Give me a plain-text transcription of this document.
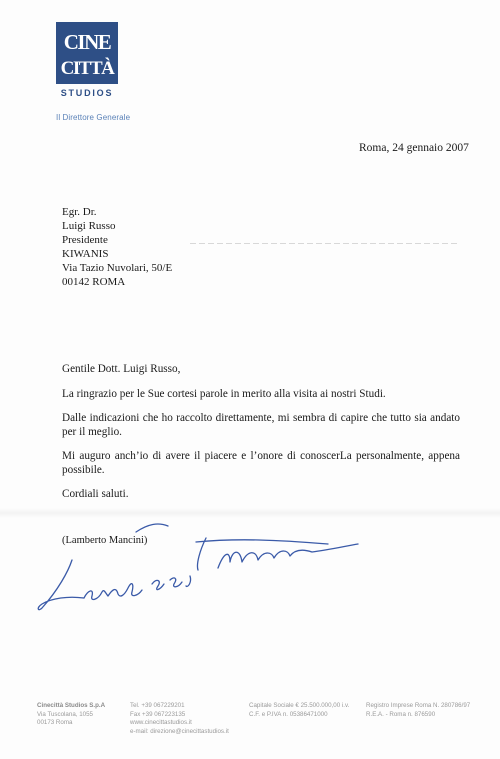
CINE
CITTÀ
STUDIOS
Il Direttore Generale
Roma, 24 gennaio 2007
Egr. Dr.
Luigi Russo
Presidente
KIWANIS
Via Tazio Nuvolari, 50/E
00142 ROMA
Gentile Dott. Luigi Russo,
La ringrazio per le Sue cortesi parole in merito alla visita ai nostri Studi.
Dalle indicazioni che ho raccolto direttamente, mi sembra di capire che tutto sia andato per il meglio.
Mi auguro anch’io di avere il piacere e l’onore di conoscerLa personalmente, appena possibile.
Cordiali saluti.
(Lamberto Mancini)
Cinecittà Studios S.p.A
Via Tuscolana, 1055
00173 Roma
Tel. +39 067229201
Fax +39 067223135
www.cinecittastudios.it
e-mail: direzione@cinecittastudios.it
Capitale Sociale € 25.500.000,00 i.v.
C.F. e P.IVA n. 05386471000
Registro Imprese Roma N. 280786/97
R.E.A. - Roma n. 876590
